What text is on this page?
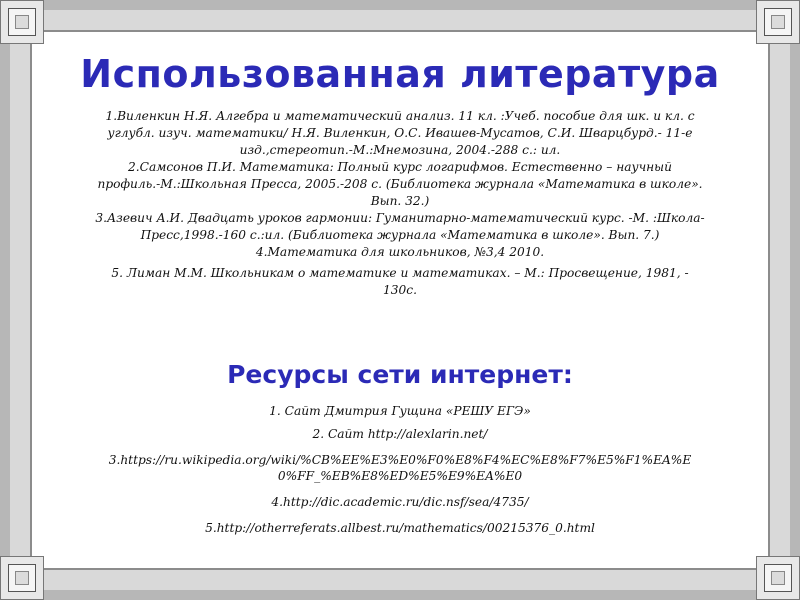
Использованная литература

1.Виленкин Н.Я. Алгебра и математический анализ. 11 кл. :Учеб. пособие для шк. и кл. с углубл. изуч. математики/ Н.Я. Виленкин, О.С. Ивашев-Мусатов, С.И. Шварцбурд.- 11-е изд.,стереотип.-М.:Мнемозина, 2004.-288 с.: ил.

2.Самсонов П.И. Математика: Полный курс логарифмов. Естественно – научный профиль.-М.:Школьная Пресса, 2005.-208 с. (Библиотека журнала «Математика в школе». Вып. 32.)

3.Азевич А.И. Двадцать уроков гармонии: Гуманитарно-математический курс. -М. :Школа-Пресс,1998.-160 с.:ил. (Библиотека журнала «Математика в школе». Вып. 7.)

4.Математика для школьников, №3,4 2010.

5. Лиман М.М. Школьникам о математике и математиках. – М.: Просвещение, 1981, - 130с.

Ресурсы сети интернет:

1. Сайт Дмитрия Гущина «РЕШУ ЕГЭ»

2. Сайт http://alexlarin.net/

3.https://ru.wikipedia.org/wiki/%CB%EE%E3%E0%F0%E8%F4%EC%E8%F7%E5%F1%EA%E0%FF_%EB%E8%ED%E5%E9%EA%E0

4.http://dic.academic.ru/dic.nsf/sea/4735/

5.http://otherreferats.allbest.ru/mathematics/00215376_0.html
